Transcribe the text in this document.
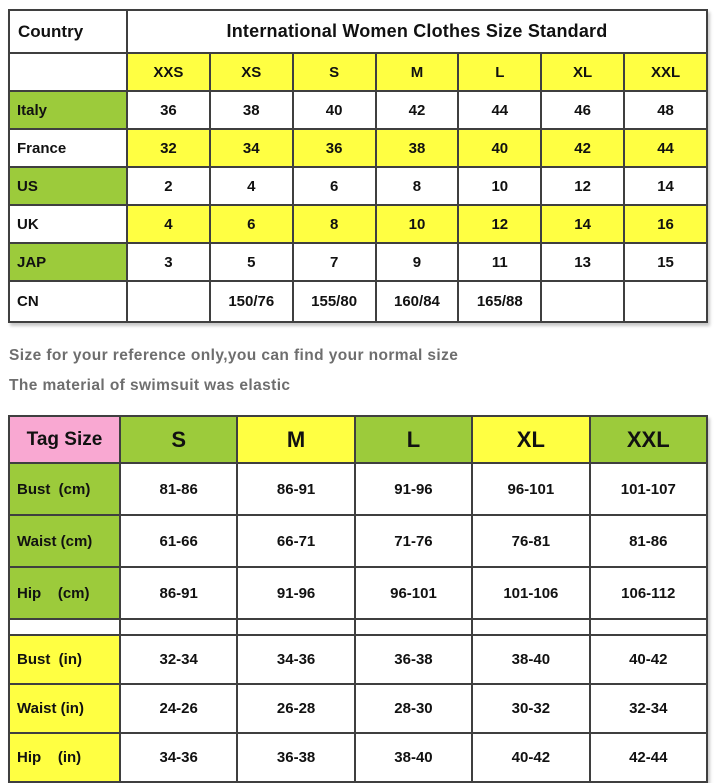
Country	International Women Clothes Size Standard						
	XXS	XS	S	M	L	XL	XXL
Italy	36	38	40	42	44	46	48
France	32	34	36	38	40	42	44
US	2	4	6	8	10	12	14
UK	4	6	8	10	12	14	16
JAP	3	5	7	9	11	13	15
CN		150/76	155/80	160/84	165/88		
Size for your reference only,you can find your normal size
The material of swimsuit was elastic
Tag Size	S	M	L	XL	XXL
Bust  (cm)	81-86	86-91	91-96	96-101	101-107
Waist (cm)	61-66	66-71	71-76	76-81	81-86
Hip    (cm)	86-91	91-96	96-101	101-106	106-112

Bust  (in)	32-34	34-36	36-38	38-40	40-42
Waist (in)	24-26	26-28	28-30	30-32	32-34
Hip    (in)	34-36	36-38	38-40	40-42	42-44
